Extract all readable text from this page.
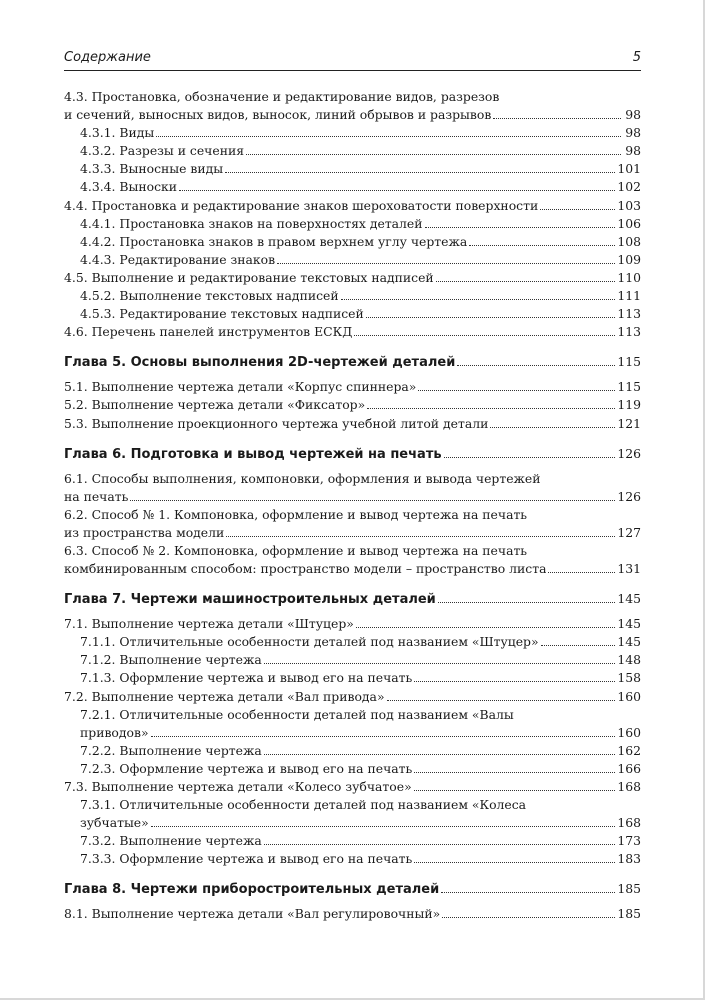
Содержание	5
4.3. Простановка, обозначение и редактирование видов, разрезов
и сечений, выносных видов, выносок, линий обрывов и разрывов	98
4.3.1. Виды	98
4.3.2. Разрезы и сечения	98
4.3.3. Выносные виды	101
4.3.4. Выноски	102
4.4. Простановка и редактирование знаков шероховатости поверхности	103
4.4.1. Простановка знаков на поверхностях деталей	106
4.4.2. Простановка знаков в правом верхнем углу чертежа	108
4.4.3. Редактирование знаков	109
4.5. Выполнение и редактирование текстовых надписей	110
4.5.2. Выполнение текстовых надписей	111
4.5.3. Редактирование текстовых надписей	113
4.6. Перечень панелей инструментов ЕСКД	113
Глава 5. Основы выполнения 2D-чертежей деталей	115
5.1. Выполнение чертежа детали «Корпус спиннера»	115
5.2. Выполнение чертежа детали «Фиксатор»	119
5.3. Выполнение проекционного чертежа учебной литой детали	121
Глава 6. Подготовка и вывод чертежей на печать	126
6.1. Способы выполнения, компоновки, оформления и вывода чертежей
на печать	126
6.2. Способ № 1. Компоновка, оформление и вывод чертежа на печать
из пространства модели	127
6.3. Способ № 2. Компоновка, оформление и вывод чертежа на печать
комбинированным способом: пространство модели – пространство листа	131
Глава 7. Чертежи машиностроительных деталей	145
7.1. Выполнение чертежа детали «Штуцер»	145
7.1.1. Отличительные особенности деталей под названием «Штуцер»	145
7.1.2. Выполнение чертежа	148
7.1.3. Оформление чертежа и вывод его на печать	158
7.2. Выполнение чертежа детали «Вал привода»	160
7.2.1. Отличительные особенности деталей под названием «Валы
приводов»	160
7.2.2. Выполнение чертежа	162
7.2.3. Оформление чертежа и вывод его на печать	166
7.3. Выполнение чертежа детали «Колесо зубчатое»	168
7.3.1. Отличительные особенности деталей под названием «Колеса
зубчатые»	168
7.3.2. Выполнение чертежа	173
7.3.3. Оформление чертежа и вывод его на печать	183
Глава 8. Чертежи приборостроительных деталей	185
8.1. Выполнение чертежа детали «Вал регулировочный»	185
